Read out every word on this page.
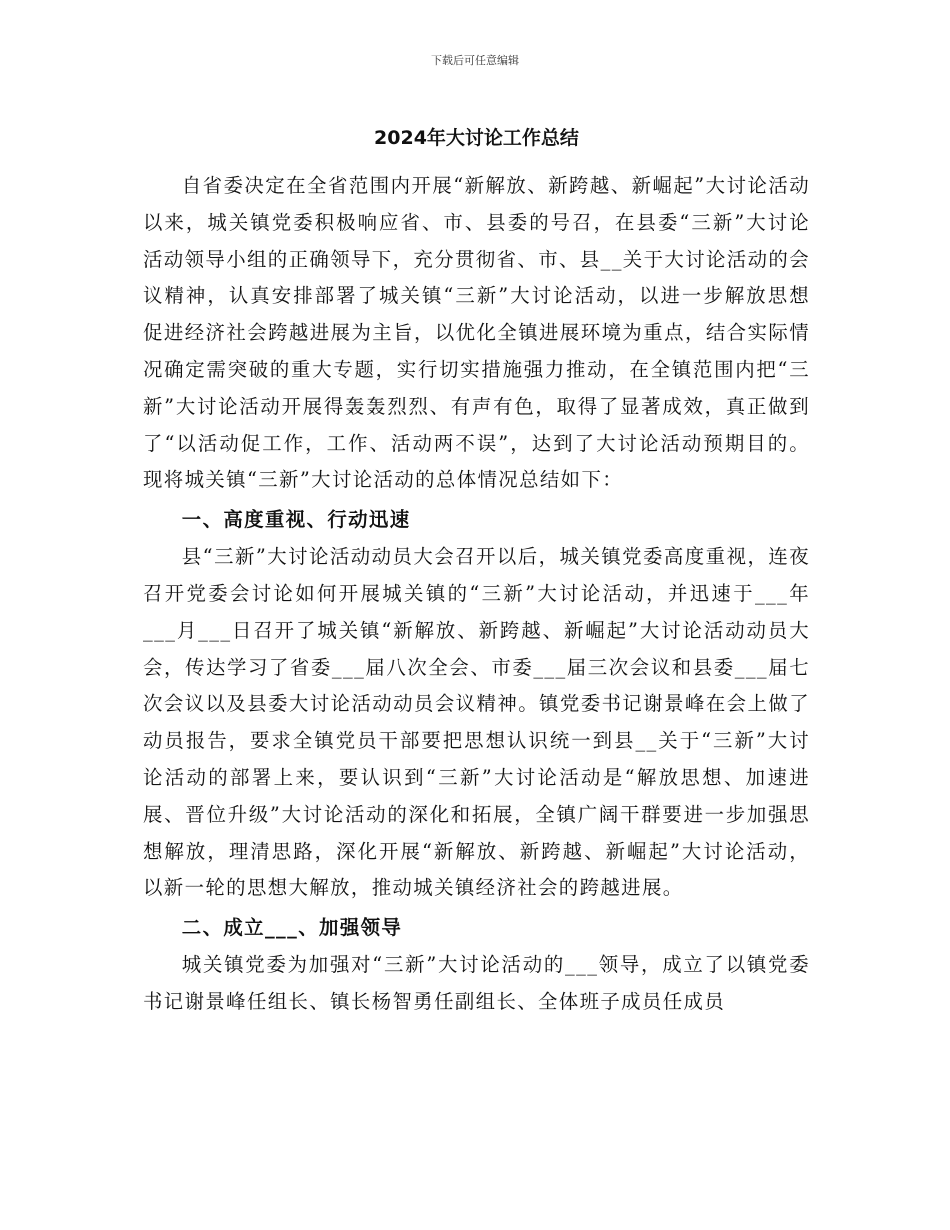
下载后可任意编辑
2024年大讨论工作总结

自省委决定在全省范围内开展“新解放、新跨越、新崛起”大讨论活动以来，城关镇党委积极响应省、市、县委的号召，在县委“三新”大讨论活动领导小组的正确领导下，充分贯彻省、市、县__关于大讨论活动的会议精神，认真安排部署了城关镇“三新”大讨论活动，以进一步解放思想促进经济社会跨越进展为主旨，以优化全镇进展环境为重点，结合实际情况确定需突破的重大专题，实行切实措施强力推动，在全镇范围内把“三新”大讨论活动开展得轰轰烈烈、有声有色，取得了显著成效，真正做到了“以活动促工作，工作、活动两不误”，达到了大讨论活动预期目的。现将城关镇“三新”大讨论活动的总体情况总结如下：

一、高度重视、行动迅速

县“三新”大讨论活动动员大会召开以后，城关镇党委高度重视，连夜召开党委会讨论如何开展城关镇的“三新”大讨论活动，并迅速于___年___月___日召开了城关镇“新解放、新跨越、新崛起”大讨论活动动员大会，传达学习了省委___届八次全会、市委___届三次会议和县委___届七次会议以及县委大讨论活动动员会议精神。镇党委书记谢景峰在会上做了动员报告，要求全镇党员干部要把思想认识统一到县__关于“三新”大讨论活动的部署上来，要认识到“三新”大讨论活动是“解放思想、加速进展、晋位升级”大讨论活动的深化和拓展，全镇广阔干群要进一步加强思想解放，理清思路，深化开展“新解放、新跨越、新崛起”大讨论活动，以新一轮的思想大解放，推动城关镇经济社会的跨越进展。

二、成立___、加强领导

城关镇党委为加强对“三新”大讨论活动的___领导，成立了以镇党委书记谢景峰任组长、镇长杨智勇任副组长、全体班子成员任成员
